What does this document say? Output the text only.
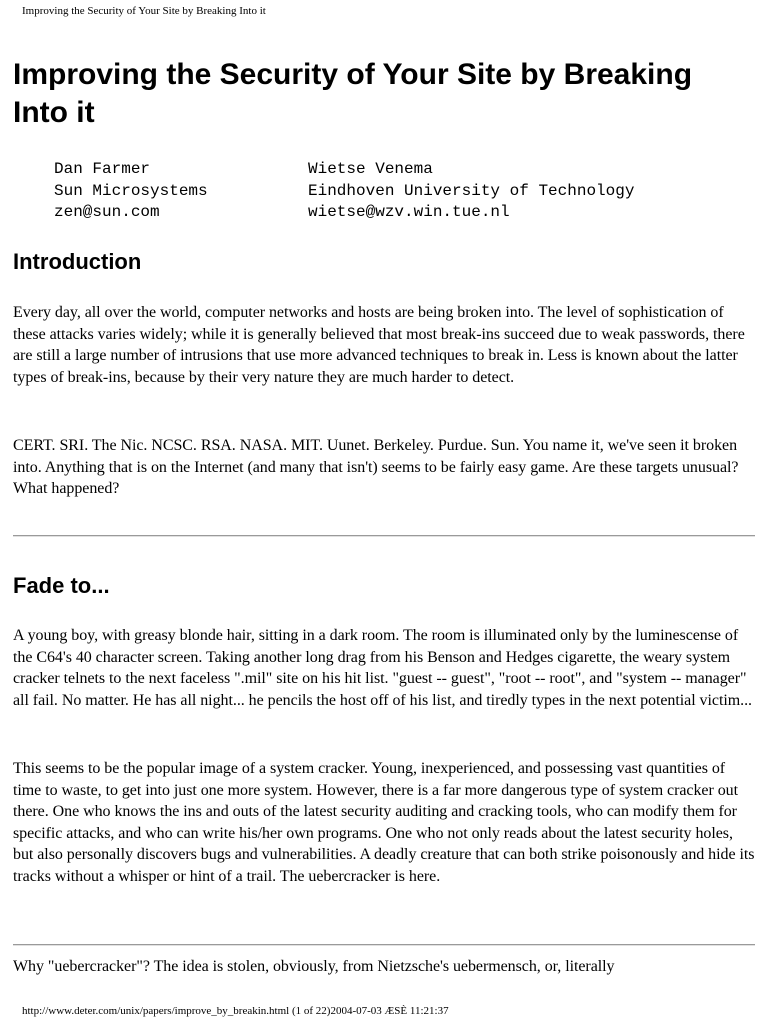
Improving the Security of Your Site by Breaking Into it
Improving the Security of Your Site by Breaking Into it
Dan Farmer
Sun Microsystems
zen@sun.com
Wietse Venema
Eindhoven University of Technology
wietse@wzv.win.tue.nl
Introduction

Every day, all over the world, computer networks and hosts are being broken into. The level of sophistication of these attacks varies widely; while it is generally believed that most break-ins succeed due to weak passwords, there are still a large number of intrusions that use more advanced techniques to break in. Less is known about the latter types of break-ins, because by their very nature they are much harder to detect.

CERT. SRI. The Nic. NCSC. RSA. NASA. MIT. Uunet. Berkeley. Purdue. Sun. You name it, we've seen it broken into. Anything that is on the Internet (and many that isn't) seems to be fairly easy game. Are these targets unusual? What happened?

Fade to...

A young boy, with greasy blonde hair, sitting in a dark room. The room is illuminated only by the luminescense of the C64's 40 character screen. Taking another long drag from his Benson and Hedges cigarette, the weary system cracker telnets to the next faceless ".mil" site on his hit list. "guest -- guest", "root -- root", and "system -- manager" all fail. No matter. He has all night... he pencils the host off of his list, and tiredly types in the next potential victim...

This seems to be the popular image of a system cracker. Young, inexperienced, and possessing vast quantities of time to waste, to get into just one more system. However, there is a far more dangerous type of system cracker out there. One who knows the ins and outs of the latest security auditing and cracking tools, who can modify them for specific attacks, and who can write his/her own programs. One who not only reads about the latest security holes, but also personally discovers bugs and vulnerabilities. A deadly creature that can both strike poisonously and hide its tracks without a whisper or hint of a trail. The uebercracker is here.

Why "uebercracker"? The idea is stolen, obviously, from Nietzsche's uebermensch, or, literally

http://www.deter.com/unix/papers/improve_by_breakin.html (1 of 22)2004-07-03 ÆSÈ 11:21:37
